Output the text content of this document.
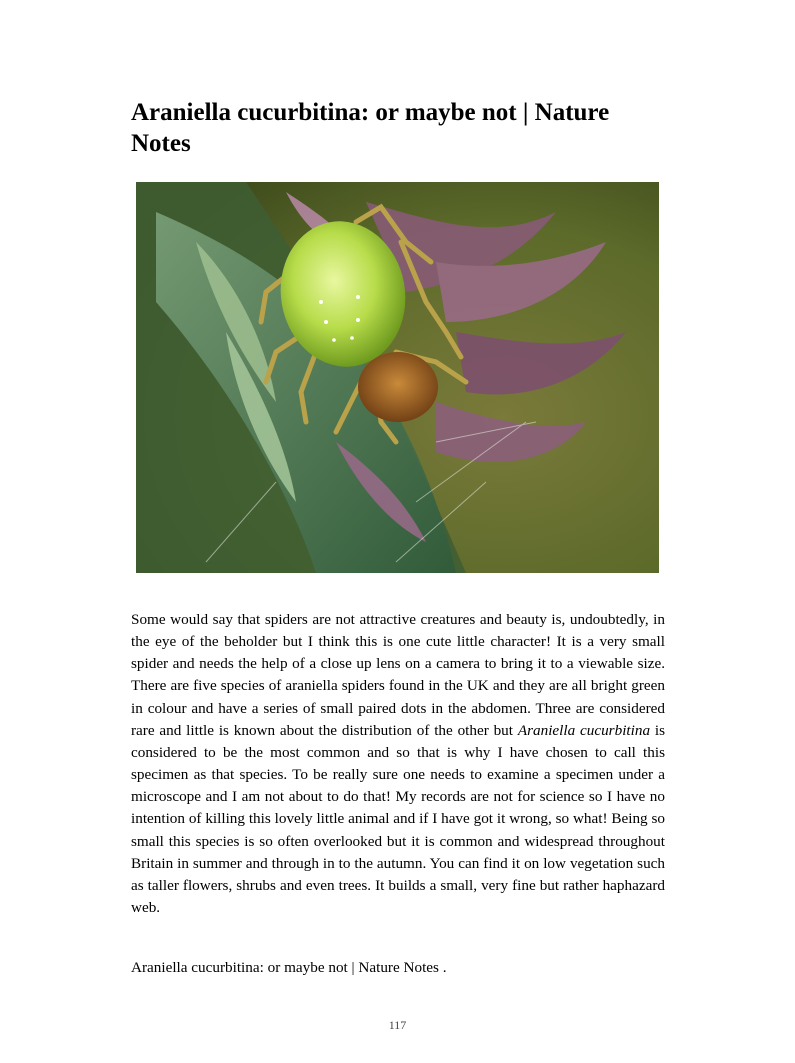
Araniella cucurbitina: or maybe not | Nature Notes

Some would say that spiders are not attractive creatures and beauty is, undoubtedly, in the eye of the beholder but I think this is one cute little character! It is a very small spider and needs the help of a close up lens on a camera to bring it to a viewable size. There are five species of araniella spiders found in the UK and they are all bright green in colour and have a series of small paired dots in the abdomen. Three are considered rare and little is known about the distribution of the other but Araniella cucurbitina is considered to be the most common and so that is why I have chosen to call this specimen as that species. To be really sure one needs to examine a specimen under a microscope and I am not about to do that! My records are not for science so I have no intention of killing this lovely little animal and if I have got it wrong, so what! Being so small this species is so often overlooked but it is common and widespread throughout Britain in summer and through in to the autumn. You can find it on low vegetation such as taller flowers, shrubs and even trees. It builds a small, very fine but rather haphazard web.

Araniella cucurbitina: or maybe not | Nature Notes .

117
